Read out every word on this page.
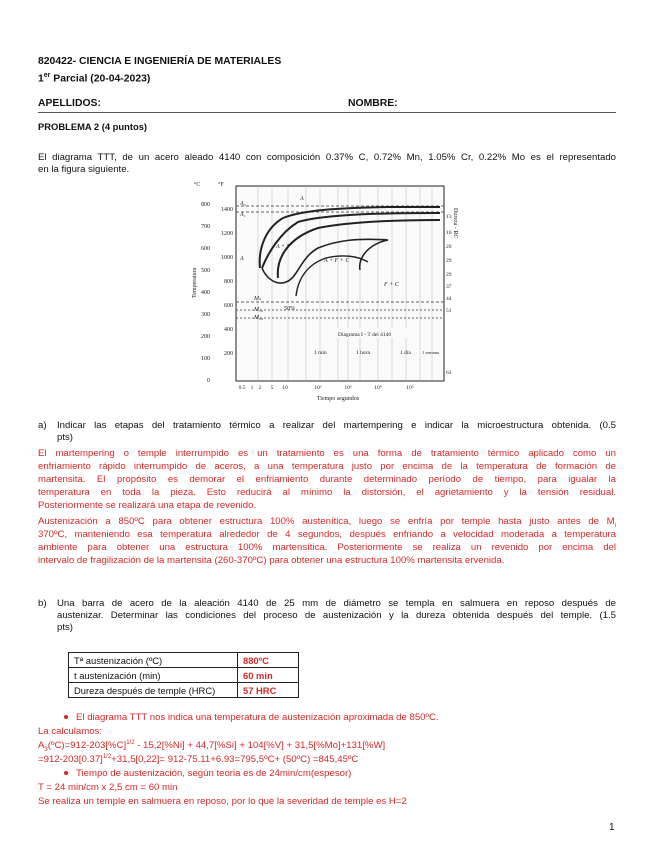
820422- CIENCIA E INGENIERÍA DE MATERIALES
1er Parcial (20-04-2023)
APELLIDOS:	NOMBRE:
PROBLEMA 2 (4 puntos)
El diagrama TTT, de un acero aleado 4140 con composición 0.37% C, 0.72% Mn, 1.05% Cr, 0.22% Mo es el representado
en la figura siguiente.
°C	°F
800
700
600
500
400
300
200
100
0
1400
1200
1000
800
600
400
200
Temperatura
0.5 1 2 5 10	10²	10³	10⁴	10⁵
Tiempo segundos
Dureza - RC
13
16
20
29
29
37
44
51
63
A₃
A₁
A
A
A + F
A + F + C
F + C
Mₛ
M₅₀
M₉₀
50%
Diagrama I - T del 4140
1 min	1 hora	1 día 1 semana
a) Indicar las etapas del tratamiento térmico a realizar del martempering e indicar la microestructura obtenida. (0.5
pts)
El martempering o temple interrumpido es un tratamiento es una forma de tratamiento térmico aplicado como un
enfriamiento rápido interrumpido de aceros, a una temperatura justo por encima de la temperatura de formación de
martensita. El propósito es demorar el enfriamiento durante determinado período de tiempo, para igualar la
temperatura en toda la pieza. Esto reducirá al mínimo la distorsión, el agrietamiento y la tensión residual.
Posteriormente se realizará una etapa de revenido.
Austenización a 850ºC para obtener estructura 100% austenítica, luego se enfría por temple hasta justo antes de $M_i$
370ºC, manteniendo esa temperatura alrededor de 4 segundos, después enfriando a velocidad moderada a temperatura
ambiente para obtener una estructura 100% martensítica. Posteriormente se realiza un revenido por encima del
intervalo de fragilización de la martensita (260-370ºC) para obtener una estructura 100% martensita ervenida.
b) Una barra de acero de la aleación 4140 de 25 mm de diámetro se templa en salmuera en reposo después de
austenizar. Determinar las condiciones del proceso de austenización y la dureza obtenida después del temple. (1.5
pts)
Tª austenización (ºC)	880ºC
t austenización (min)	60 min
Dureza después de temple (HRC)	57 HRC
El diagrama TTT nos indica una temperatura de austenización aproximada de 850ºC.
La calculamos:
$A_3(ºC)=912-203[\%C]^{1/2} - 15,2[\%Ni] + 44,7[\%Si] + 104[\%V] + 31,5[\%Mo]+131[\%W]$
$=912-203[0.37]^{1/2}+31,5[0,22]=$ 912-75.11+6.93=795,5ºC+ (50ºC) =845,45ºC
Tiempo de austenización, según teoria es de 24min/cm(espesor)
T = 24 min/cm x 2,5 cm = 60 min
Se realiza un temple en salmuera en reposo, por lo que la severidad de temple es H=2
1
